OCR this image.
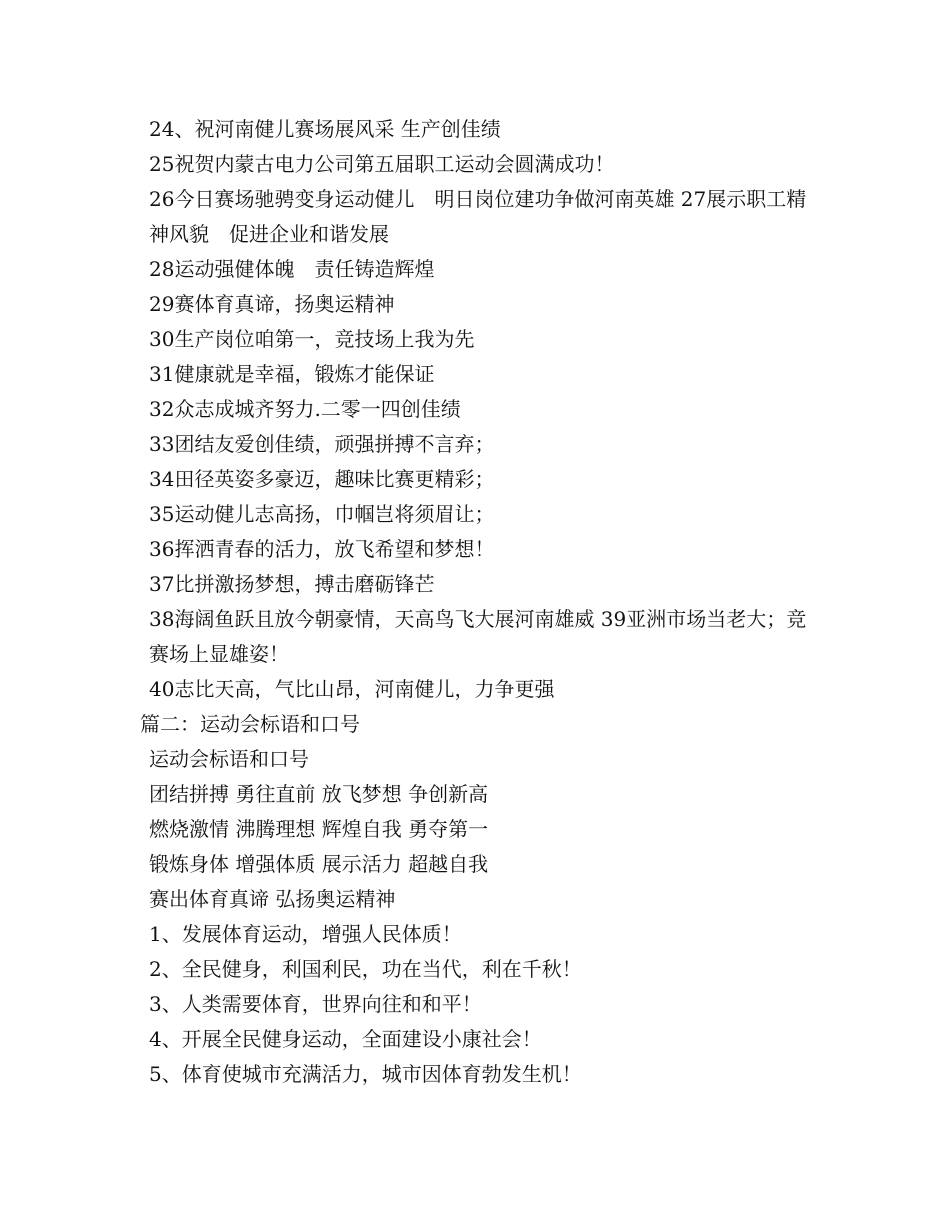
24、祝河南健儿赛场展风采 生产创佳绩
25祝贺内蒙古电力公司第五届职工运动会圆满成功！
26今日赛场驰骋变身运动健儿　明日岗位建功争做河南英雄 27展示职工精神风貌　促进企业和谐发展
28运动强健体魄　责任铸造辉煌
29赛体育真谛，扬奥运精神
30生产岗位咱第一，竞技场上我为先
31健康就是幸福，锻炼才能保证
32众志成城齐努力.二零一四创佳绩
33团结友爱创佳绩，顽强拼搏不言弃；
34田径英姿多豪迈，趣味比赛更精彩；
35运动健儿志高扬，巾帼岂将须眉让；
36挥洒青春的活力，放飞希望和梦想！
37比拼激扬梦想，搏击磨砺锋芒
38海阔鱼跃且放今朝豪情，天高鸟飞大展河南雄威 39亚洲市场当老大；竞赛场上显雄姿！
40志比天高，气比山昂，河南健儿，力争更强
篇二：运动会标语和口号
运动会标语和口号
团结拼搏 勇往直前 放飞梦想 争创新高
燃烧激情 沸腾理想 辉煌自我 勇夺第一
锻炼身体 增强体质 展示活力 超越自我
赛出体育真谛 弘扬奥运精神
1、发展体育运动，增强人民体质！
2、全民健身，利国利民，功在当代，利在千秋！
3、人类需要体育，世界向往和和平！
4、开展全民健身运动，全面建设小康社会！
5、体育使城市充满活力，城市因体育勃发生机！
